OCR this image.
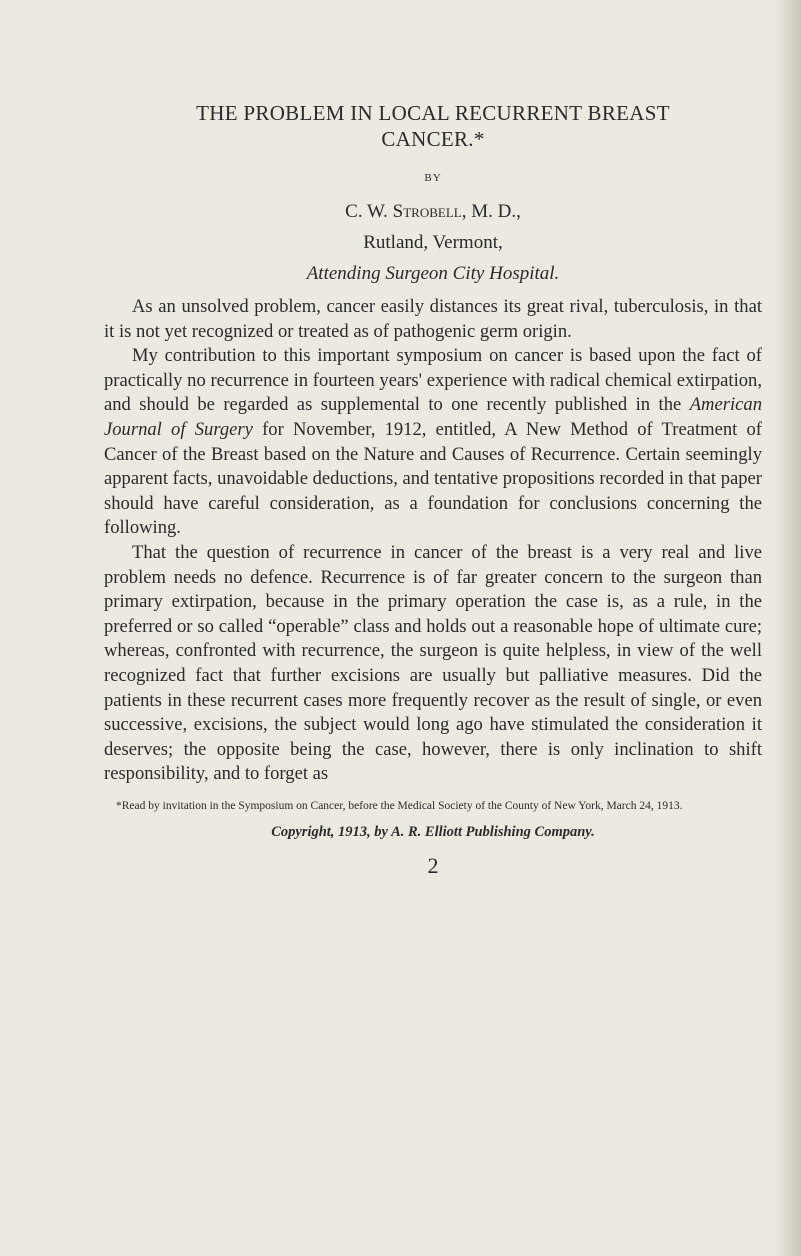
THE PROBLEM IN LOCAL RECURRENT BREAST CANCER.*
BY
C. W. Strobell, M. D.,
Rutland, Vermont,
Attending Surgeon City Hospital.

As an unsolved problem, cancer easily distances its great rival, tuberculosis, in that it is not yet recognized or treated as of pathogenic germ origin.

My contribution to this important symposium on cancer is based upon the fact of practically no recurrence in fourteen years' experience with radical chemical extirpation, and should be regarded as supplemental to one recently published in the American Journal of Surgery for November, 1912, entitled, A New Method of Treatment of Cancer of the Breast based on the Nature and Causes of Recurrence. Certain seemingly apparent facts, unavoidable deductions, and tentative propositions recorded in that paper should have careful consideration, as a foundation for conclusions concerning the following.

That the question of recurrence in cancer of the breast is a very real and live problem needs no defence. Recurrence is of far greater concern to the surgeon than primary extirpation, because in the primary operation the case is, as a rule, in the preferred or so called “operable” class and holds out a reasonable hope of ultimate cure; whereas, confronted with recurrence, the surgeon is quite helpless, in view of the well recognized fact that further excisions are usually but palliative measures. Did the patients in these recurrent cases more frequently recover as the result of single, or even successive, excisions, the subject would long ago have stimulated the consideration it deserves; the opposite being the case, however, there is only inclination to shift responsibility, and to forget as

*Read by invitation in the Symposium on Cancer, before the Medical Society of the County of New York, March 24, 1913.
Copyright, 1913, by A. R. Elliott Publishing Company.
2
